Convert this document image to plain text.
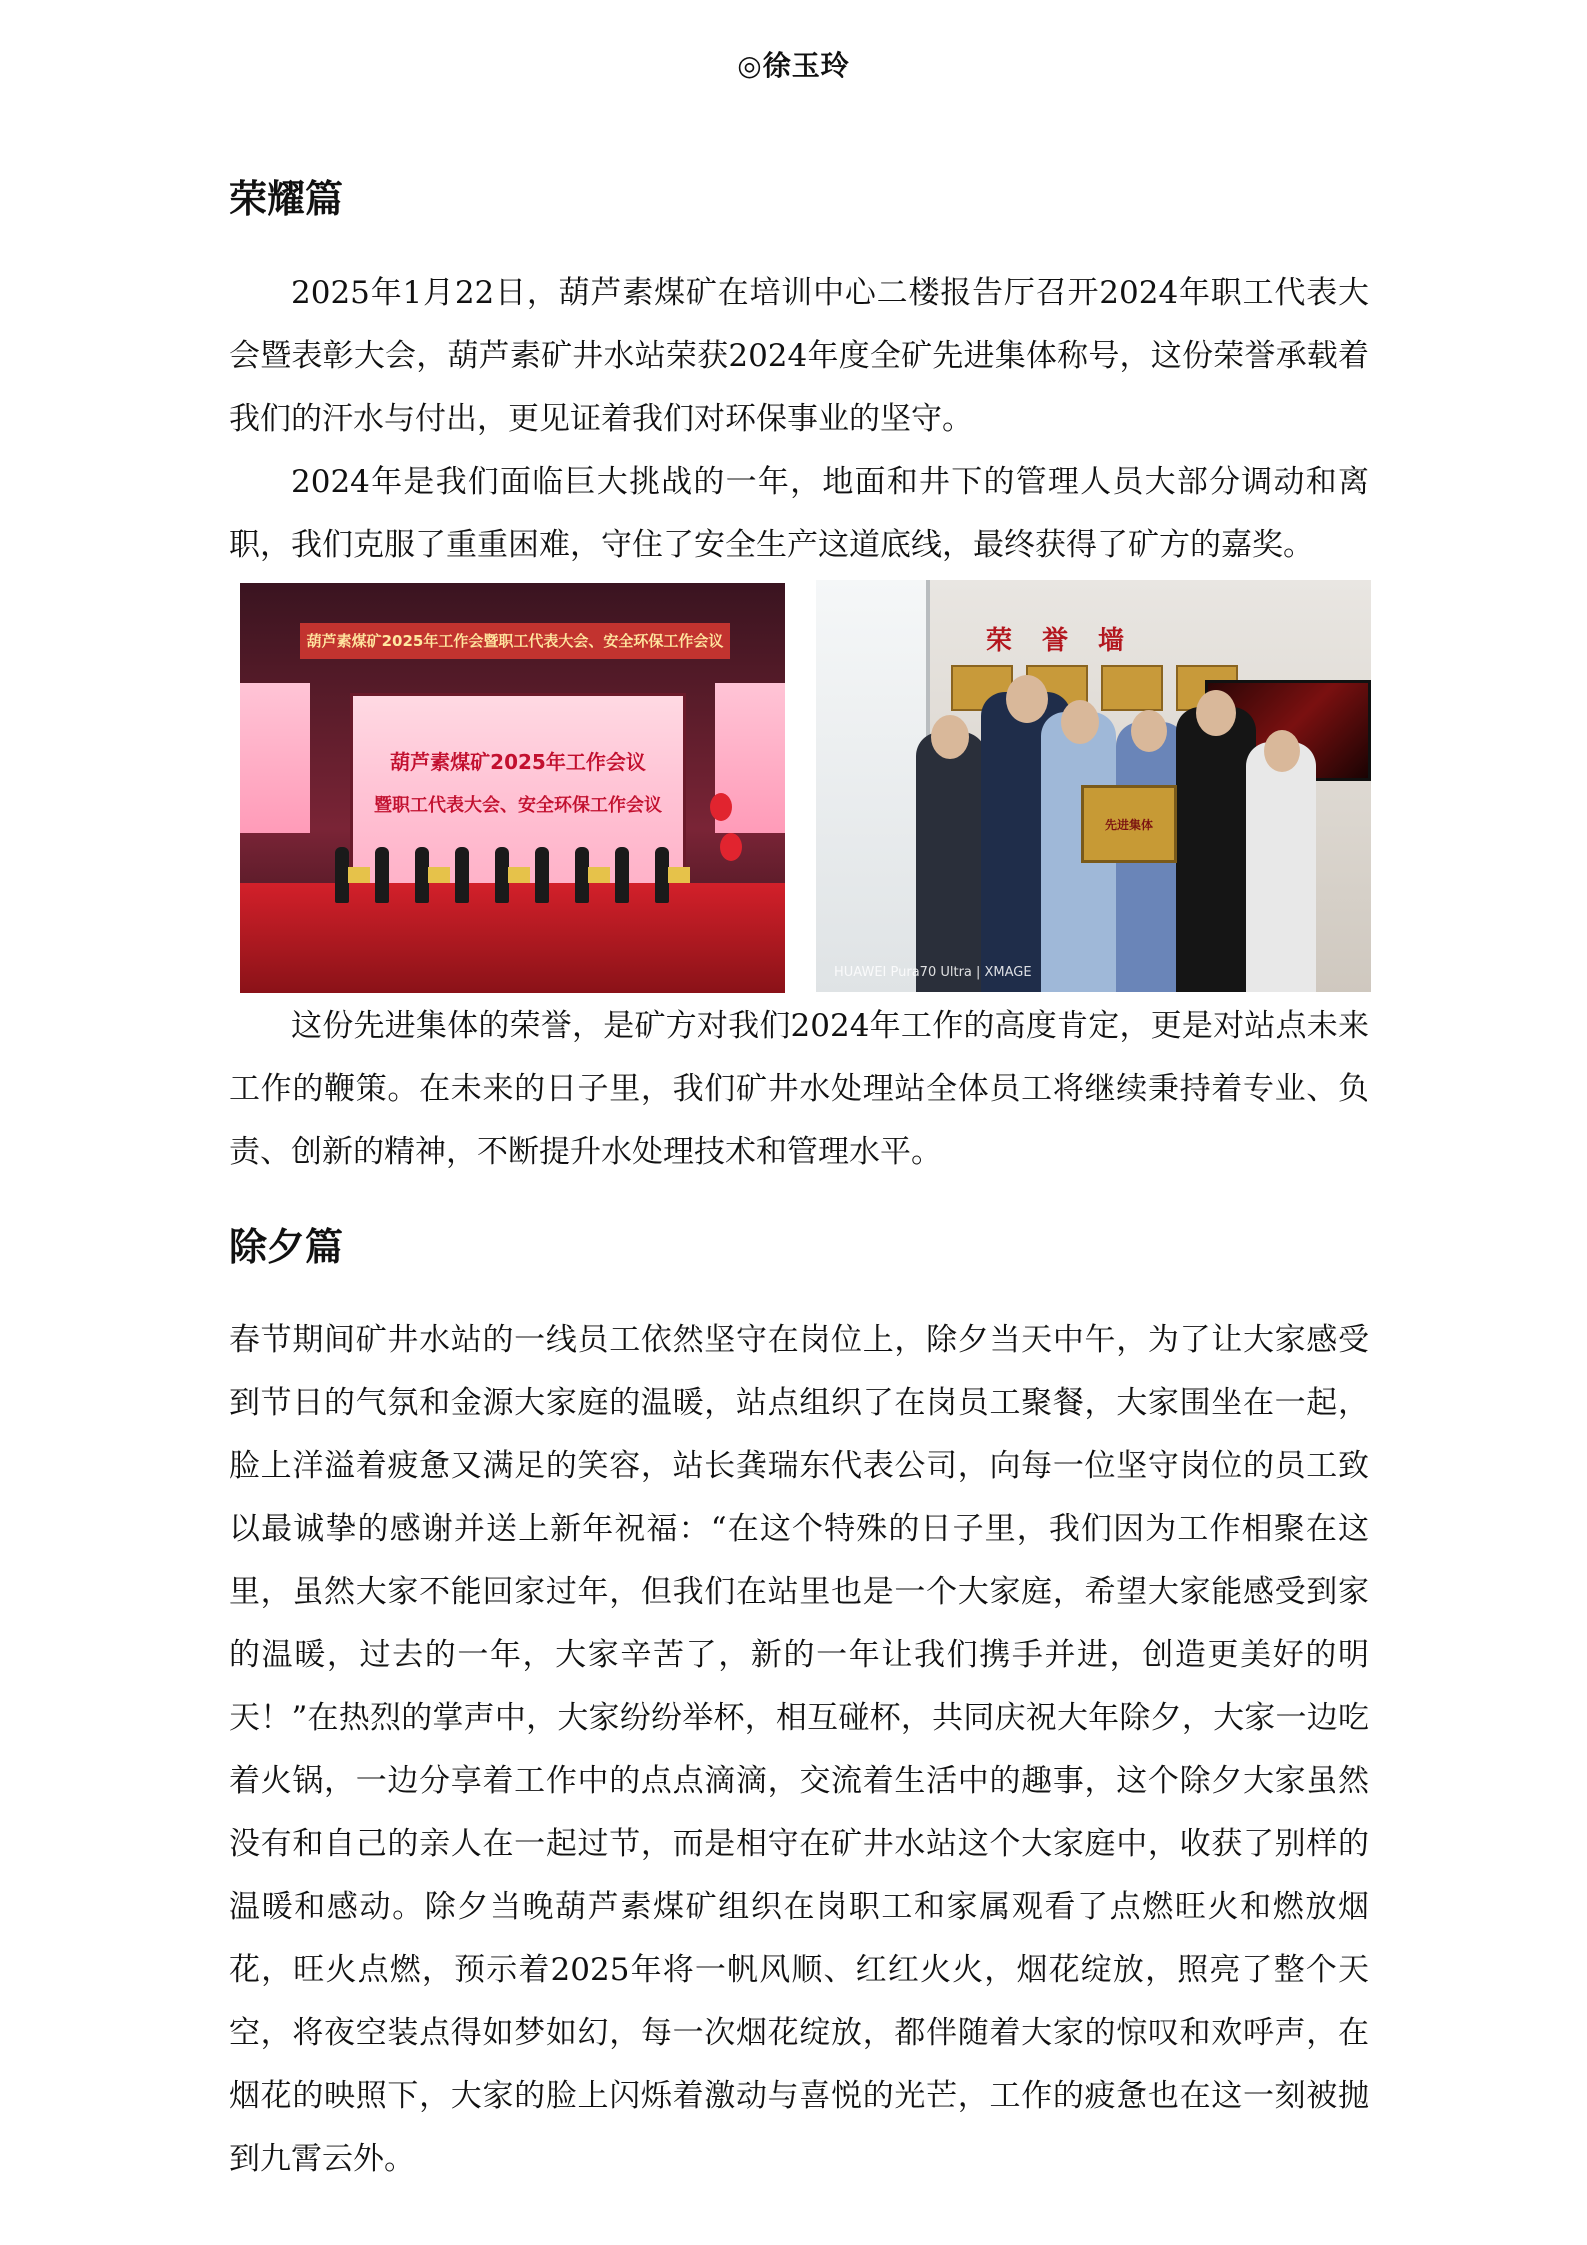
◎徐玉玲
荣耀篇

2025年1月22日，葫芦素煤矿在培训中心二楼报告厅召开2024年职工代表大会暨表彰大会，葫芦素矿井水站荣获2024年度全矿先进集体称号，这份荣誉承载着我们的汗水与付出，更见证着我们对环保事业的坚守。

2024年是我们面临巨大挑战的一年，地面和井下的管理人员大部分调动和离职，我们克服了重重困难，守住了安全生产这道底线，最终获得了矿方的嘉奖。

葫芦素煤矿2025年工作会暨职工代表大会、安全环保工作会议
葫芦素煤矿2025年工作会议
暨职工代表大会、安全环保工作会议
荣誉墙
先进集体
HUAWEI Pura70 Ultra | XMAGE

这份先进集体的荣誉，是矿方对我们2024年工作的高度肯定，更是对站点未来工作的鞭策。在未来的日子里，我们矿井水处理站全体员工将继续秉持着专业、负责、创新的精神，不断提升水处理技术和管理水平。

除夕篇

春节期间矿井水站的一线员工依然坚守在岗位上，除夕当天中午，为了让大家感受到节日的气氛和金源大家庭的温暖，站点组织了在岗员工聚餐，大家围坐在一起，脸上洋溢着疲惫又满足的笑容，站长龚瑞东代表公司，向每一位坚守岗位的员工致以最诚挚的感谢并送上新年祝福：“在这个特殊的日子里，我们因为工作相聚在这里，虽然大家不能回家过年，但我们在站里也是一个大家庭，希望大家能感受到家的温暖，过去的一年，大家辛苦了，新的一年让我们携手并进，创造更美好的明天！”在热烈的掌声中，大家纷纷举杯，相互碰杯，共同庆祝大年除夕，大家一边吃着火锅，一边分享着工作中的点点滴滴，交流着生活中的趣事，这个除夕大家虽然没有和自己的亲人在一起过节，而是相守在矿井水站这个大家庭中，收获了别样的温暖和感动。除夕当晚葫芦素煤矿组织在岗职工和家属观看了点燃旺火和燃放烟花，旺火点燃，预示着2025年将一帆风顺、红红火火，烟花绽放，照亮了整个天空，将夜空装点得如梦如幻，每一次烟花绽放，都伴随着大家的惊叹和欢呼声，在烟花的映照下，大家的脸上闪烁着激动与喜悦的光芒，工作的疲惫也在这一刻被抛到九霄云外。
